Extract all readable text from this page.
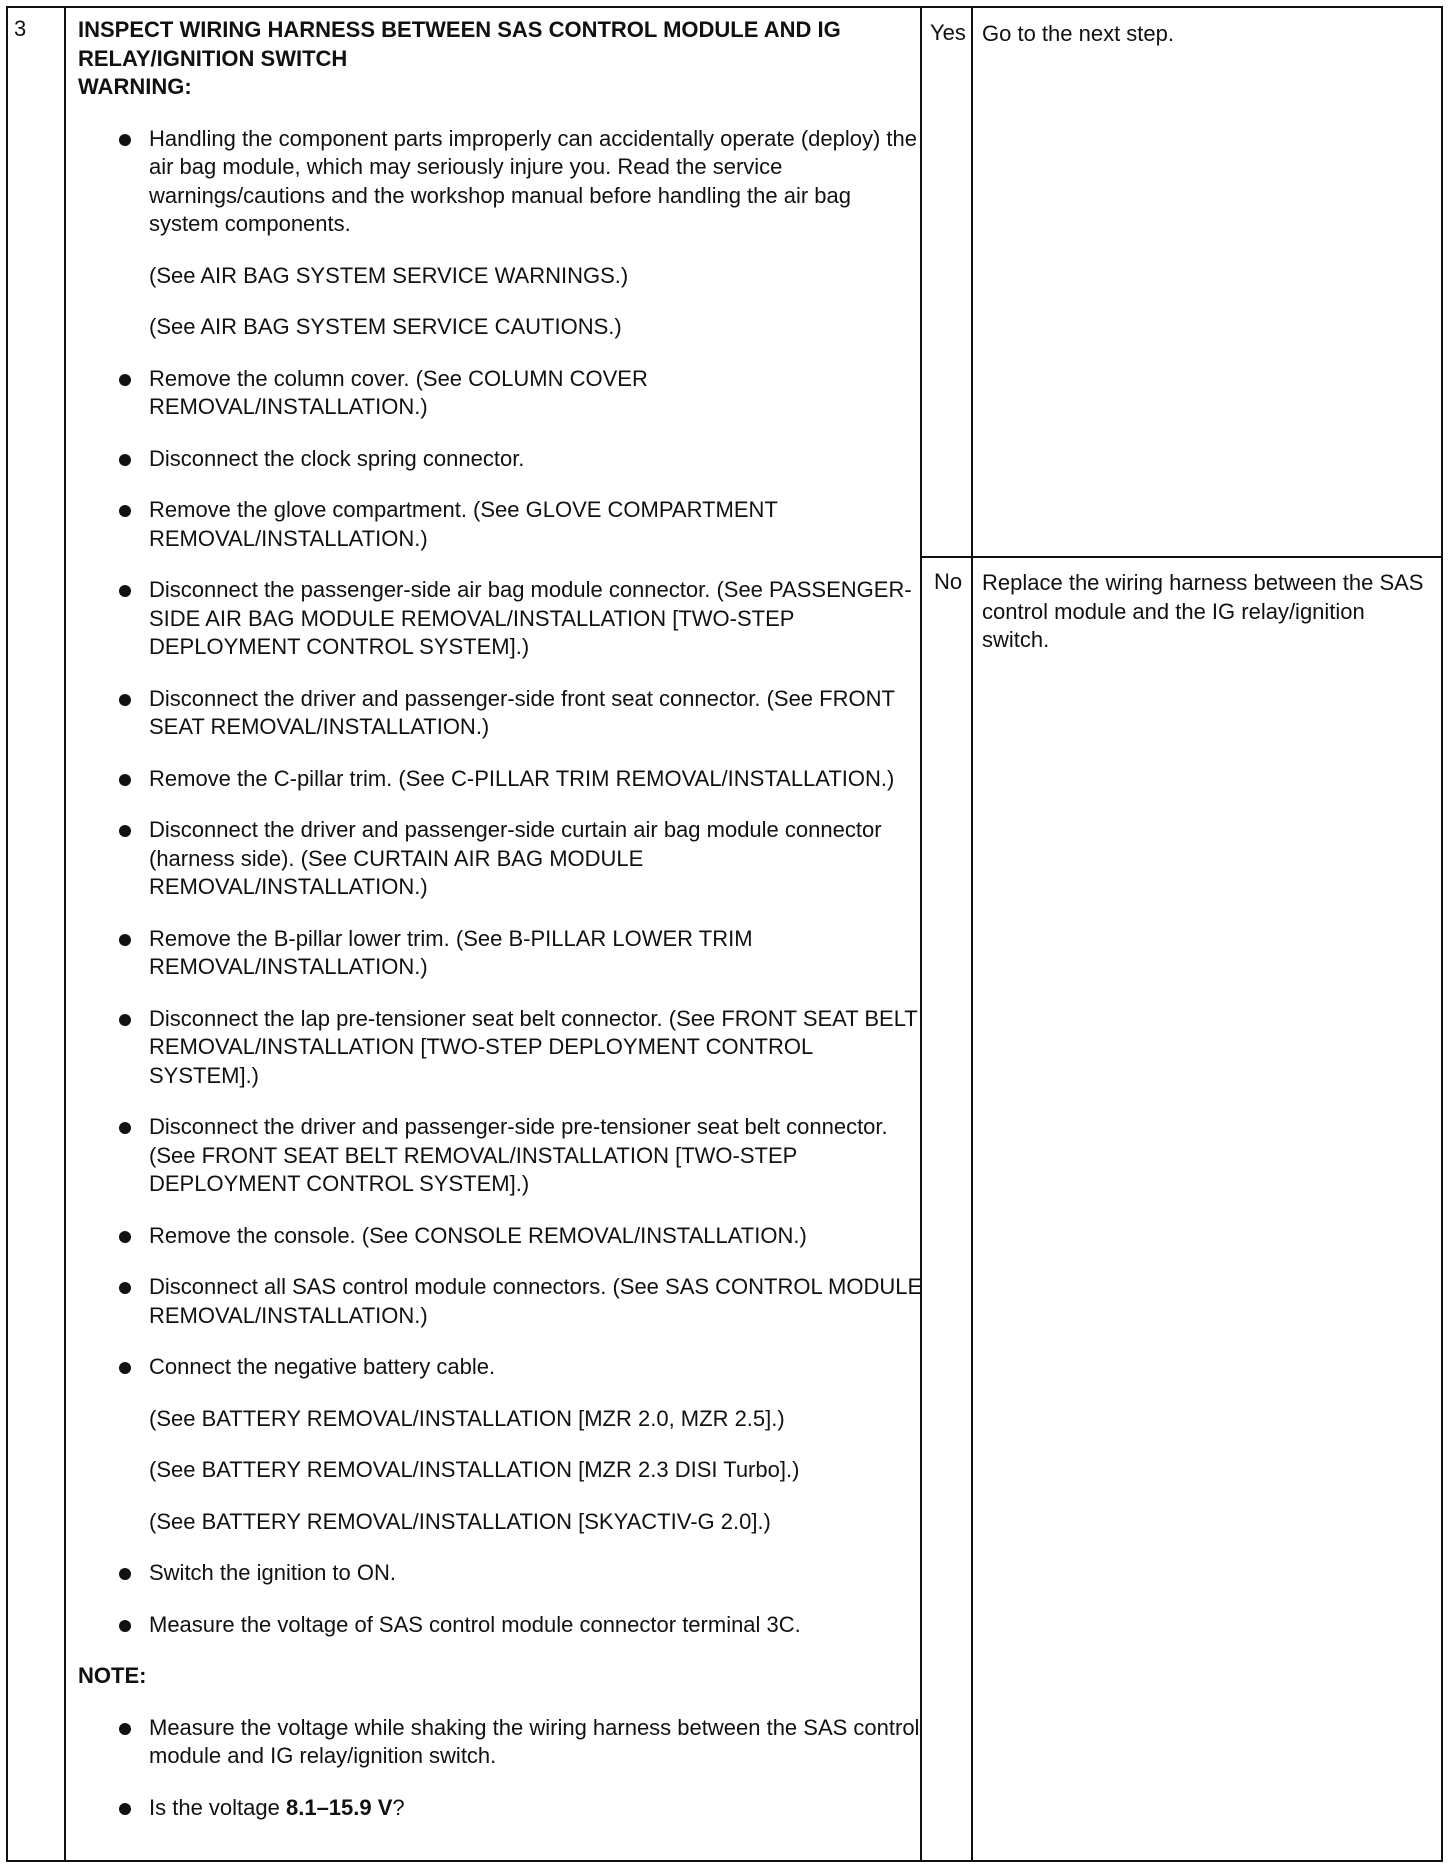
3 INSPECT WIRING HARNESS BETWEEN SAS CONTROL MODULE AND IG RELAY/IGNITION SWITCH

WARNING:

Handling the component parts improperly can accidentally operate (deploy) the air bag module, which may seriously injure you. Read the service warnings/cautions and the workshop manual before handling the air bag system components.
(See AIR BAG SYSTEM SERVICE WARNINGS.)
(See AIR BAG SYSTEM SERVICE CAUTIONS.)
Remove the column cover. (See COLUMN COVER REMOVAL/INSTALLATION.)
Disconnect the clock spring connector.
Remove the glove compartment. (See GLOVE COMPARTMENT REMOVAL/INSTALLATION.)
Disconnect the passenger-side air bag module connector. (See PASSENGER-SIDE AIR BAG MODULE REMOVAL/INSTALLATION [TWO-STEP DEPLOYMENT CONTROL SYSTEM].)
Disconnect the driver and passenger-side front seat connector. (See FRONT SEAT REMOVAL/INSTALLATION.)
Remove the C-pillar trim. (See C-PILLAR TRIM REMOVAL/INSTALLATION.)
Disconnect the driver and passenger-side curtain air bag module connector (harness side). (See CURTAIN AIR BAG MODULE REMOVAL/INSTALLATION.)
Remove the B-pillar lower trim. (See B-PILLAR LOWER TRIM REMOVAL/INSTALLATION.)
Disconnect the lap pre-tensioner seat belt connector. (See FRONT SEAT BELT REMOVAL/INSTALLATION [TWO-STEP DEPLOYMENT CONTROL SYSTEM].)
Disconnect the driver and passenger-side pre-tensioner seat belt connector. (See FRONT SEAT BELT REMOVAL/INSTALLATION [TWO-STEP DEPLOYMENT CONTROL SYSTEM].)
Remove the console. (See CONSOLE REMOVAL/INSTALLATION.)
Disconnect all SAS control module connectors. (See SAS CONTROL MODULE REMOVAL/INSTALLATION.)
Connect the negative battery cable.
(See BATTERY REMOVAL/INSTALLATION [MZR 2.0, MZR 2.5].)
(See BATTERY REMOVAL/INSTALLATION [MZR 2.3 DISI Turbo].)
(See BATTERY REMOVAL/INSTALLATION [SKYACTIV-G 2.0].)
Switch the ignition to ON.
Measure the voltage of SAS control module connector terminal 3C.

NOTE:

Measure the voltage while shaking the wiring harness between the SAS control module and IG relay/ignition switch.
Is the voltage 8.1–15.9 V?
Yes Go to the next step.
No Replace the wiring harness between the SAS control module and the IG relay/ignition switch.
